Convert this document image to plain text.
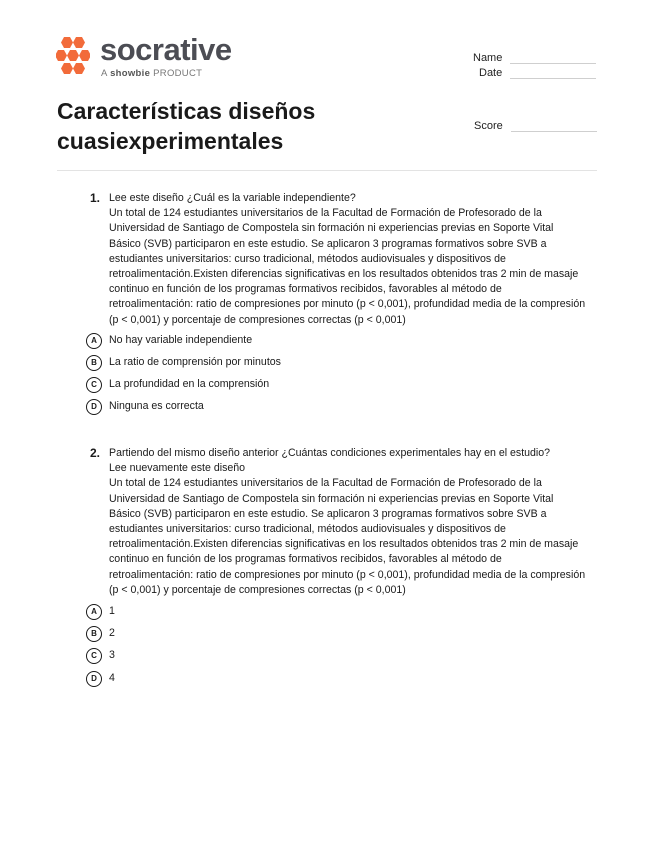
socrative
A showbie PRODUCT
Name
Date
Score
Características diseños cuasiexperimentales
1. Lee este diseño ¿Cuál es la variable independiente?

Un total de 124 estudiantes universitarios de la Facultad de Formación de Profesorado de la Universidad de Santiago de Compostela sin formación ni experiencias previas en Soporte Vital Básico (SVB) participaron en este estudio. Se aplicaron 3 programas formativos sobre SVB a estudiantes universitarios: curso tradicional, métodos audiovisuales y dispositivos de retroalimentación.Existen diferencias significativas en los resultados obtenidos tras 2 min de masaje continuo en función de los programas formativos recibidos, favorables al método de retroalimentación: ratio de compresiones por minuto (p < 0,001), profundidad media de la compresión (p < 0,001) y porcentaje de compresiones correctas (p < 0,001)

A	No hay variable independiente
B	La ratio de comprensión por minutos
C	La profundidad en la comprensión
D	Ninguna es correcta
2. Partiendo del mismo diseño anterior ¿Cuántas condiciones experimentales hay en el estudio?

Lee nuevamente este diseño

Un total de 124 estudiantes universitarios de la Facultad de Formación de Profesorado de la Universidad de Santiago de Compostela sin formación ni experiencias previas en Soporte Vital Básico (SVB) participaron en este estudio. Se aplicaron 3 programas formativos sobre SVB a estudiantes universitarios: curso tradicional, métodos audiovisuales y dispositivos de retroalimentación.Existen diferencias significativas en los resultados obtenidos tras 2 min de masaje continuo en función de los programas formativos recibidos, favorables al método de retroalimentación: ratio de compresiones por minuto (p < 0,001), profundidad media de la compresión (p < 0,001) y porcentaje de compresiones correctas (p < 0,001)

A	1
B	2
C	3
D	4
